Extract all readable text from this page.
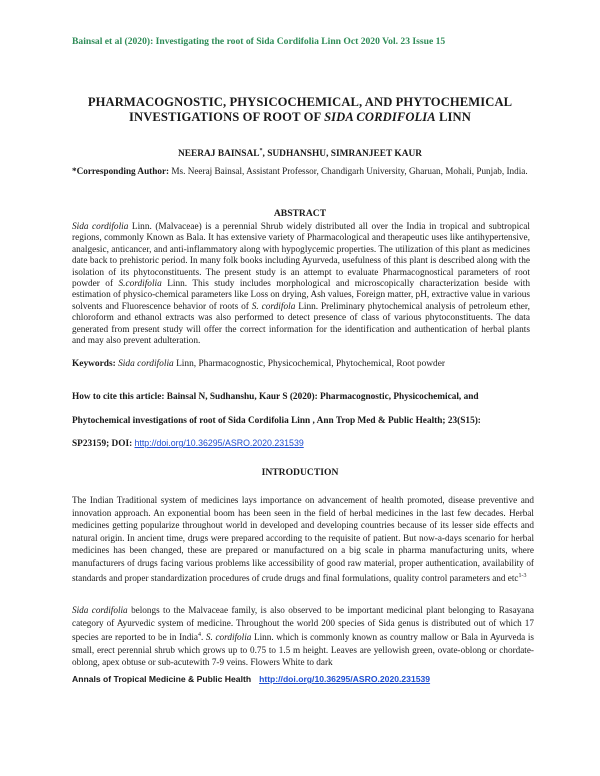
Bainsal et al (2020): Investigating the root of Sida Cordifolia Linn Oct 2020 Vol. 23 Issue 15
PHARMACOGNOSTIC, PHYSICOCHEMICAL, AND PHYTOCHEMICAL
INVESTIGATIONS OF ROOT OF SIDA CORDIFOLIA LINN
NEERAJ BAINSAL*, SUDHANSHU, SIMRANJEET KAUR
*Corresponding Author: Ms. Neeraj Bainsal, Assistant Professor, Chandigarh University, Gharuan, Mohali, Punjab, India.
ABSTRACT
Sida cordifolia Linn. (Malvaceae) is a perennial Shrub widely distributed all over the India in tropical and subtropical regions, commonly Known as Bala. It has extensive variety of Pharmacological and therapeutic uses like antihypertensive, analgesic, anticancer, and anti-inflammatory along with hypoglycemic properties. The utilization of this plant as medicines date back to prehistoric period. In many folk books including Ayurveda, usefulness of this plant is described along with the isolation of its phytoconstituents. The present study is an attempt to evaluate Pharmacognostical parameters of root powder of S.cordifolia Linn. This study includes morphological and microscopically characterization beside with estimation of physico-chemical parameters like Loss on drying, Ash values, Foreign matter, pH, extractive value in various solvents and Fluorescence behavior of roots of S. cordifola Linn. Preliminary phytochemical analysis of petroleum ether, chloroform and ethanol extracts was also performed to detect presence of class of various phytoconstituents. The data generated from present study will offer the correct information for the identification and authentication of herbal plants and may also prevent adulteration.
Keywords: Sida cordifolia Linn, Pharmacognostic, Physicochemical, Phytochemical, Root powder
How to cite this article: Bainsal N, Sudhanshu, Kaur S (2020): Pharmacognostic, Physicochemical, and
Phytochemical investigations of root of Sida Cordifolia Linn , Ann Trop Med & Public Health; 23(S15):
SP23159; DOI: http://doi.org/10.36295/ASRO.2020.231539
INTRODUCTION
The Indian Traditional system of medicines lays importance on advancement of health promoted, disease preventive and innovation approach. An exponential boom has been seen in the field of herbal medicines in the last few decades. Herbal medicines getting popularize throughout world in developed and developing countries because of its lesser side effects and natural origin. In ancient time, drugs were prepared according to the requisite of patient. But now-a-days scenario for herbal medicines has been changed, these are prepared or manufactured on a big scale in pharma manufacturing units, where manufacturers of drugs facing various problems like accessibility of good raw material, proper authentication, availability of standards and proper standardization procedures of crude drugs and final formulations, quality control parameters and etc$^{1-3}$
Sida cordifolia belongs to the Malvaceae family, is also observed to be important medicinal plant belonging to Rasayana category of Ayurvedic system of medicine. Throughout the world 200 species of Sida genus is distributed out of which 17 species are reported to be in India$^4$. S. cordifolia Linn. which is commonly known as country mallow or Bala in Ayurveda is small, erect perennial shrub which grows up to 0.75 to 1.5 m height. Leaves are yellowish green, ovate-oblong or chordate-oblong, apex obtuse or sub-acutewith 7-9 veins. Flowers White to dark
Annals of Tropical Medicine & Public Health http://doi.org/10.36295/ASRO.2020.231539
